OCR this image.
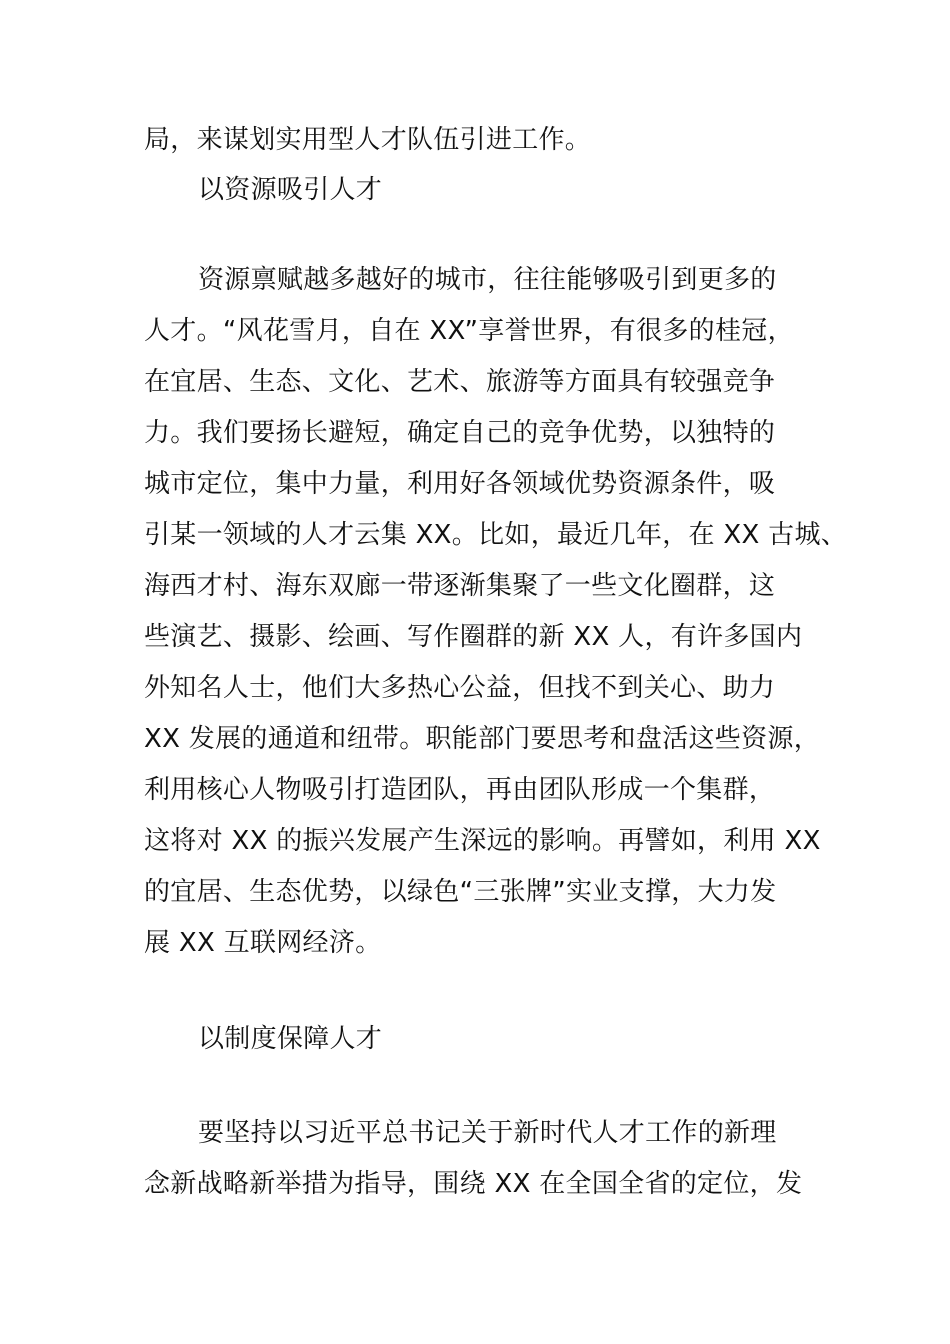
局，来谋划实用型人才队伍引进工作。
以资源吸引人才
资源禀赋越多越好的城市，往往能够吸引到更多的
人才。“风花雪月，自在 XX”享誉世界，有很多的桂冠，
在宜居、生态、文化、艺术、旅游等方面具有较强竞争
力。我们要扬长避短，确定自己的竞争优势，以独特的
城市定位，集中力量，利用好各领域优势资源条件，吸
引某一领域的人才云集 XX。比如，最近几年，在 XX 古城、
海西才村、海东双廊一带逐渐集聚了一些文化圈群，这
些演艺、摄影、绘画、写作圈群的新 XX 人，有许多国内
外知名人士，他们大多热心公益，但找不到关心、助力
XX 发展的通道和纽带。职能部门要思考和盘活这些资源，
利用核心人物吸引打造团队，再由团队形成一个集群，
这将对 XX 的振兴发展产生深远的影响。再譬如，利用 XX
的宜居、生态优势，以绿色“三张牌”实业支撑，大力发
展 XX 互联网经济。
以制度保障人才
要坚持以习近平总书记关于新时代人才工作的新理
念新战略新举措为指导，围绕 XX 在全国全省的定位，发
